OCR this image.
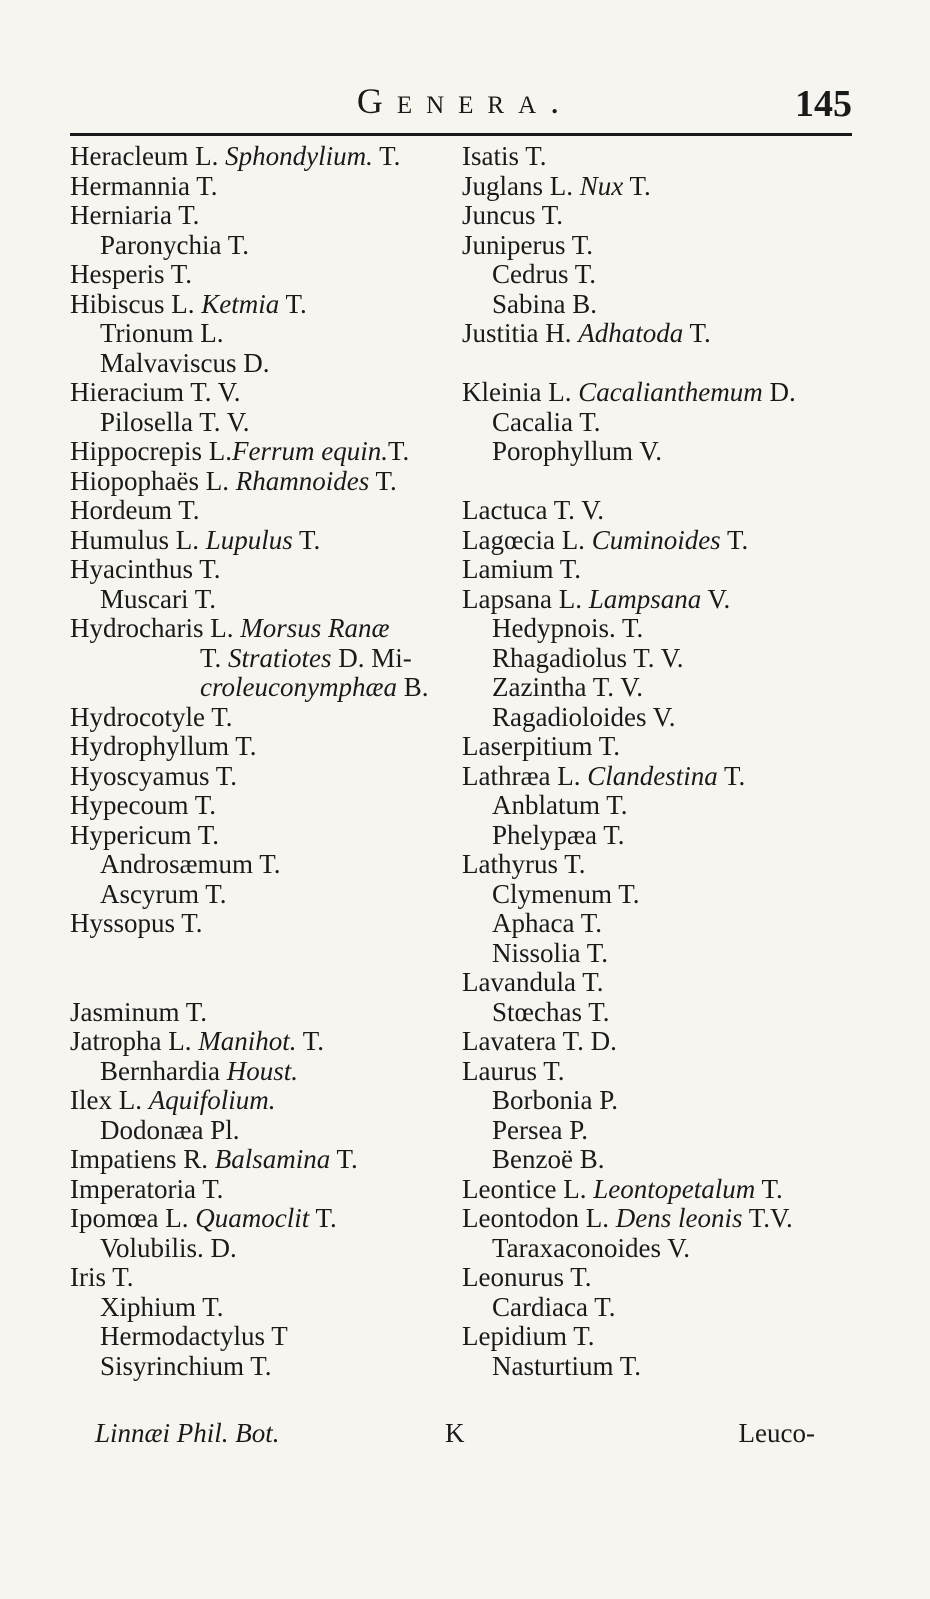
Genera.	145
Heracleum L. Sphondylium. T.
Hermannia T.
Herniaria T.
Paronychia T.
Hesperis T.
Hibiscus L. Ketmia T.
Trionum L.
Malvaviscus D.
Hieracium T. V.
Pilosella T. V.
Hippocrepis L.Ferrum equin.T.
Hiopophaës L. Rhamnoides T.
Hordeum T.
Humulus L. Lupulus T.
Hyacinthus T.
Muscari T.
Hydrocharis L. Morsus Ranæ
T. Stratiotes D. Mi-
croleuconymphæa B.
Hydrocotyle T.
Hydrophyllum T.
Hyoscyamus T.
Hypecoum T.
Hypericum T.
Androsæmum T.
Ascyrum T.
Hyssopus T.
Jasminum T.
Jatropha L. Manihot. T.
Bernhardia Houst.
Ilex L. Aquifolium.
Dodonæa Pl.
Impatiens R. Balsamina T.
Imperatoria T.
Ipomœa L. Quamoclit T.
Volubilis. D.
Iris T.
Xiphium T.
Hermodactylus T
Sisyrinchium T.
Isatis T.
Juglans L. Nux T.
Juncus T.
Juniperus T.
Cedrus T.
Sabina B.
Justitia H. Adhatoda T.
Kleinia L. Cacalianthemum D.
Cacalia T.
Porophyllum V.
Lactuca T. V.
Lagœcia L. Cuminoides T.
Lamium T.
Lapsana L. Lampsana V.
Hedypnois. T.
Rhagadiolus T. V.
Zazintha T. V.
Ragadioloides V.
Laserpitium T.
Lathræa L. Clandestina T.
Anblatum T.
Phelypæa T.
Lathyrus T.
Clymenum T.
Aphaca T.
Nissolia T.
Lavandula T.
Stœchas T.
Lavatera T. D.
Laurus T.
Borbonia P.
Persea P.
Benzoë B.
Leontice L. Leontopetalum T.
Leontodon L. Dens leonis T.V.
Taraxaconoides V.
Leonurus T.
Cardiaca T.
Lepidium T.
Nasturtium T.
Linnæi Phil. Bot.	K	Leuco-
